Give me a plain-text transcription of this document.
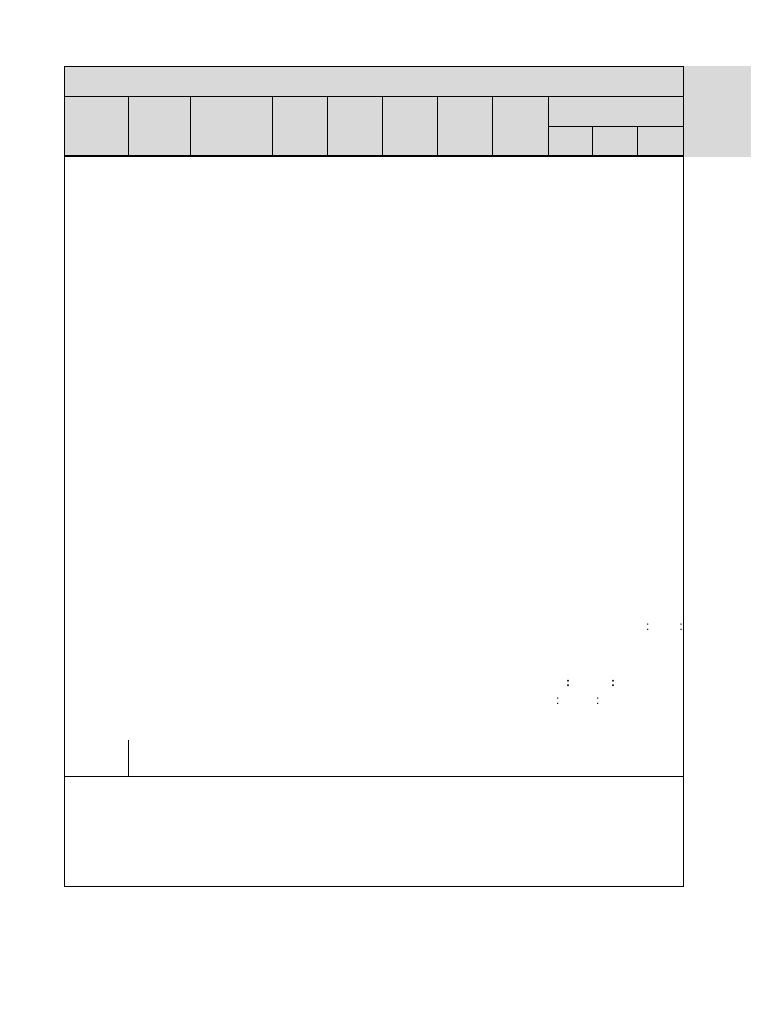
:         :
:	:
:	:
